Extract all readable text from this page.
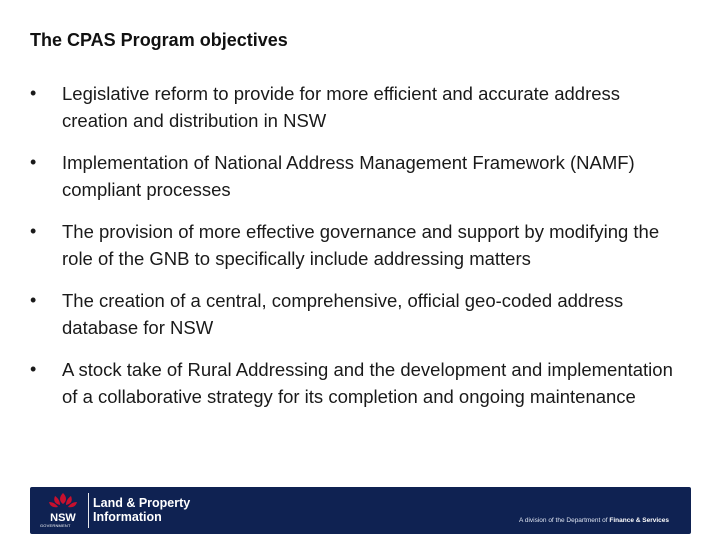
The CPAS Program objectives
• Legislative reform to provide for more efficient and accurate address creation and distribution in NSW
• Implementation of National Address Management Framework (NAMF) compliant processes
• The provision of more effective governance and support by modifying the role of the GNB to specifically include addressing matters
• The creation of a central, comprehensive, official geo-coded address database for NSW
• A stock take of Rural Addressing and the development and implementation of a collaborative strategy for its completion and ongoing maintenance
NSW
GOVERNMENT
Land & Property
Information	A division of the Department of Finance & Services
